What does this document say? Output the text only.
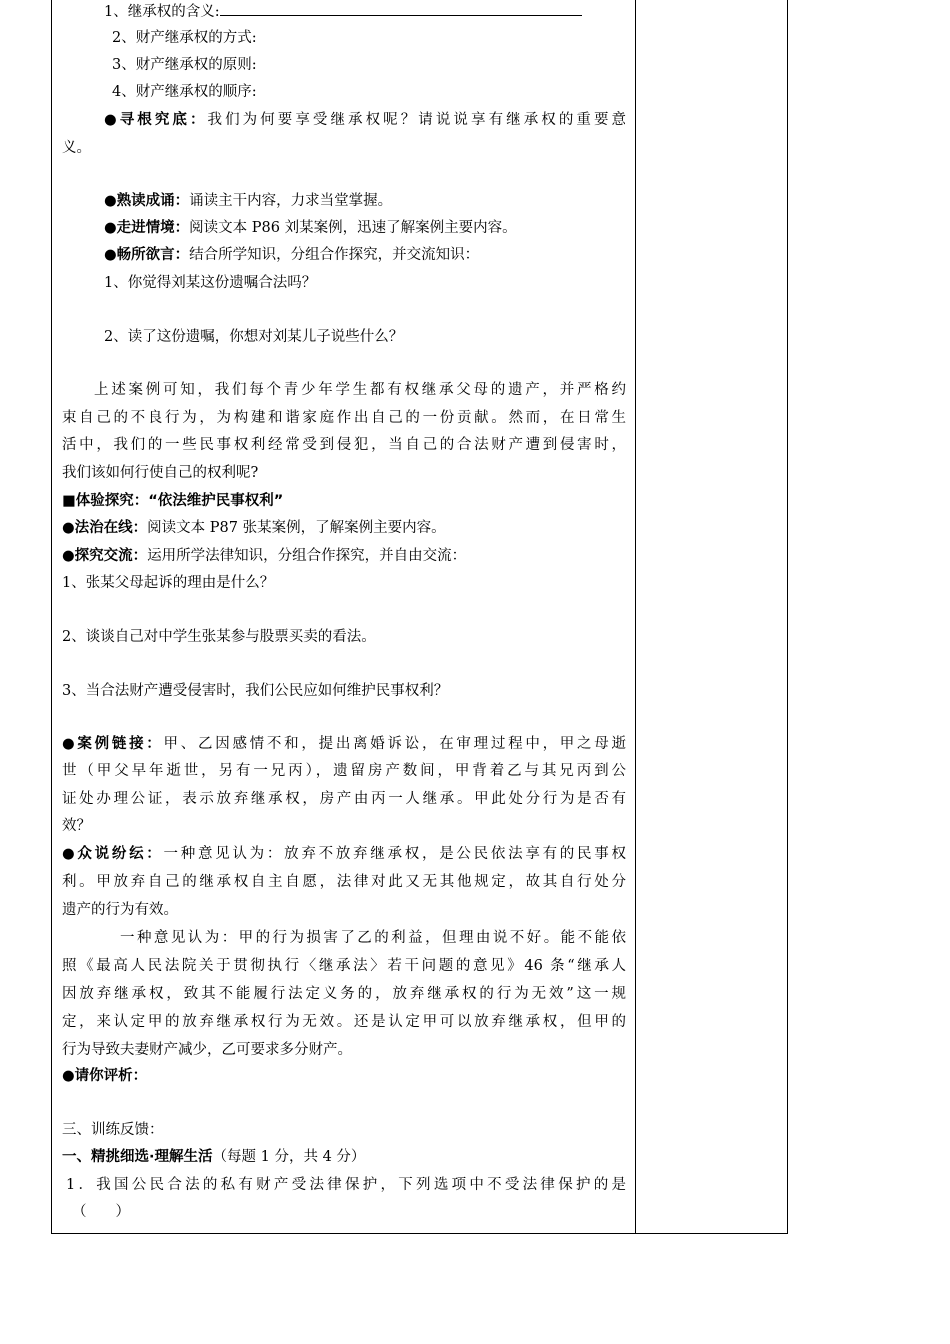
1、继承权的含义:
2、财产继承权的方式:
3、财产继承权的原则:
4、财产继承权的顺序:
●寻根究底：我们为何要享受继承权呢？请说说享有继承权的重要意
义。
●熟读成诵：诵读主干内容，力求当堂掌握。
●走进情境：阅读文本 P86 刘某案例，迅速了解案例主要内容。
●畅所欲言：结合所学知识，分组合作探究，并交流知识：
1、你觉得刘某这份遗嘱合法吗？
2、读了这份遗嘱，你想对刘某儿子说些什么？
上述案例可知，我们每个青少年学生都有权继承父母的遗产，并严格约
束自己的不良行为，为构建和谐家庭作出自己的一份贡献。然而，在日常生
活中，我们的一些民事权利经常受到侵犯，当自己的合法财产遭到侵害时，
我们该如何行使自己的权利呢?
■体验探究：“依法维护民事权利”
●法治在线：阅读文本 P87 张某案例，了解案例主要内容。
●探究交流：运用所学法律知识，分组合作探究，并自由交流：
1、张某父母起诉的理由是什么？
2、谈谈自己对中学生张某参与股票买卖的看法。
3、当合法财产遭受侵害时，我们公民应如何维护民事权利？
●案例链接：甲、乙因感情不和，提出离婚诉讼，在审理过程中，甲之母逝
世（甲父早年逝世，另有一兄丙），遗留房产数间，甲背着乙与其兄丙到公
证处办理公证，表示放弃继承权，房产由丙一人继承。甲此处分行为是否有
效？
●众说纷纭：一种意见认为：放弃不放弃继承权，是公民依法享有的民事权
利。甲放弃自己的继承权自主自愿，法律对此又无其他规定，故其自行处分
遗产的行为有效。
一种意见认为：甲的行为损害了乙的利益，但理由说不好。能不能依
照《最高人民法院关于贯彻执行〈继承法〉若干问题的意见》46 条“继承人
因放弃继承权，致其不能履行法定义务的，放弃继承权的行为无效”这一规
定，来认定甲的放弃继承权行为无效。还是认定甲可以放弃继承权，但甲的
行为导致夫妻财产减少，乙可要求多分财产。
●请你评析：
三、训练反馈：
一、精挑细选·理解生活（每题 1 分，共 4 分）
1．我国公民合法的私有财产受法律保护，下列选项中不受法律保护的是
（　　）
